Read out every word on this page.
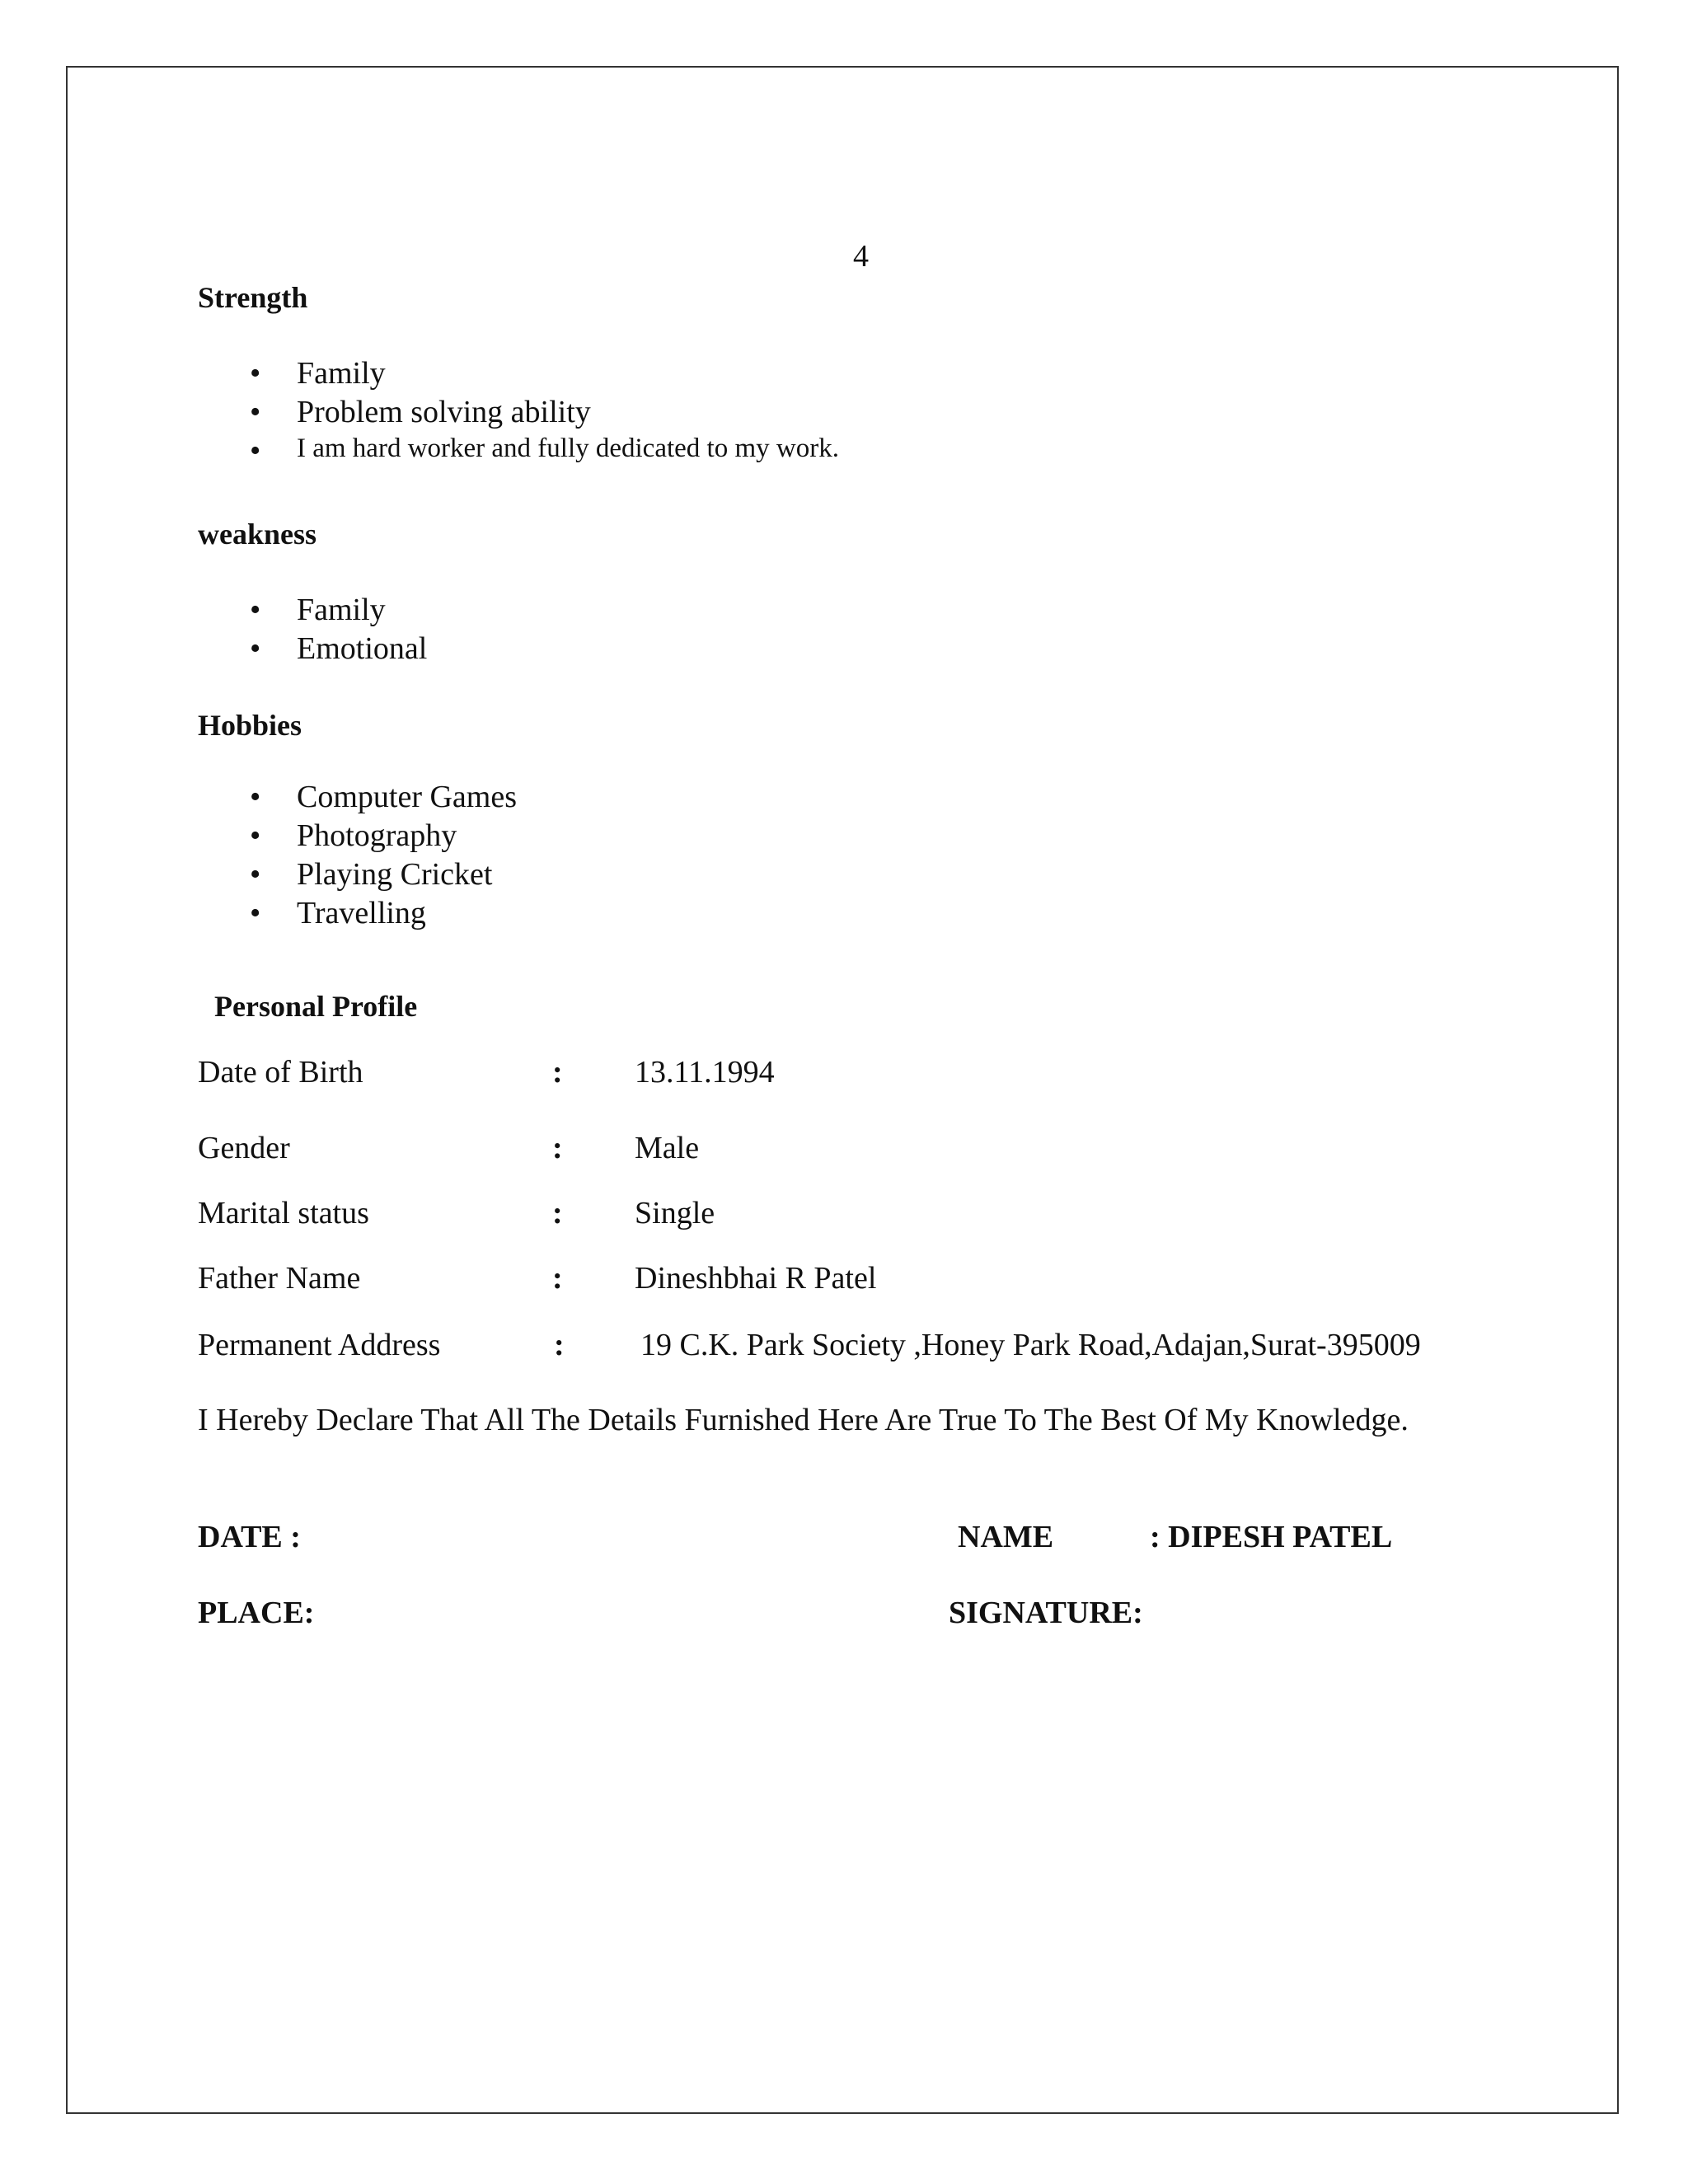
4
Strength
• Family
• Problem solving ability
• I am hard worker and fully dedicated to my work.
weakness
• Family
• Emotional
Hobbies
• Computer Games
• Photography
• Playing Cricket
• Travelling
Personal Profile
Date of Birth	: 13.11.1994
Gender	: Male
Marital status	: Single
Father Name	: Dineshbhai R Patel
Permanent Address	: 19 C.K. Park Society ,Honey Park Road,Adajan,Surat-395009
I Hereby Declare That All The Details Furnished Here Are True To The Best Of My Knowledge.
DATE :	NAME	: DIPESH PATEL
PLACE:	SIGNATURE:
